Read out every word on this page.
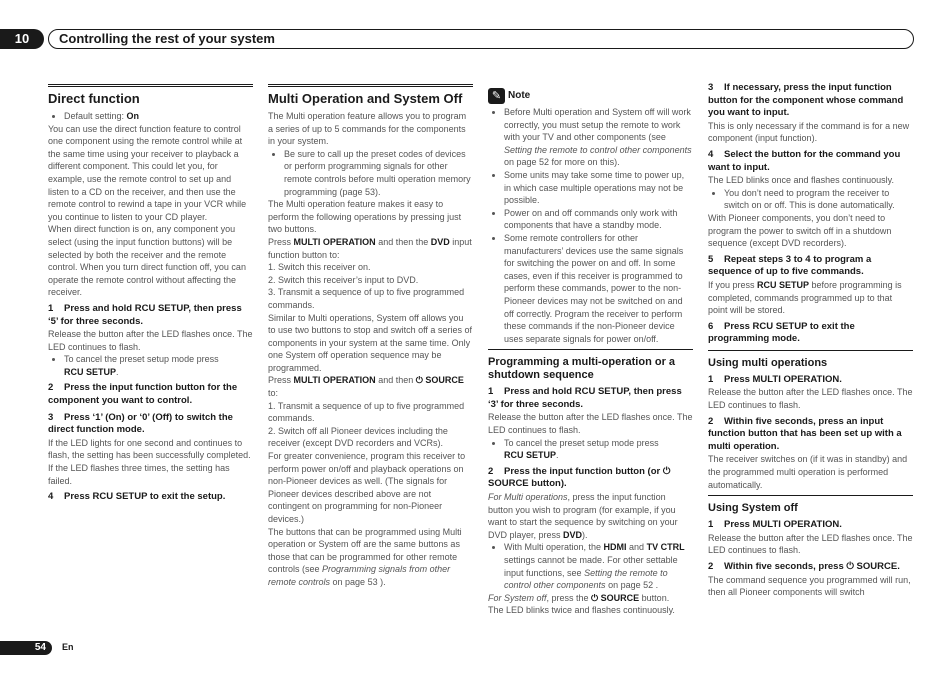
10	Controlling the rest of your system
Direct function
• Default setting: On

You can use the direct function feature to control one component using the remote control while at the same time using your receiver to playback a different component. This could let you, for example, use the remote control to set up and listen to a CD on the receiver, and then use the remote control to rewind a tape in your VCR while you continue to listen to your CD player.

When direct function is on, any component you select (using the input function buttons) will be selected by both the receiver and the remote control. When you turn direct function off, you can operate the remote control without affecting the receiver.

1 Press and hold RCU SETUP, then press ‘5’ for three seconds.

Release the button after the LED flashes once. The LED continues to flash.

• To cancel the preset setup mode press
RCU SETUP.
2 Press the input function button for the component you want to control.
3 Press ‘1’ (On) or ‘0’ (Off) to switch the direct function mode.

If the LED lights for one second and continues to flash, the setting has been successfully completed.

If the LED flashes three times, the setting has failed.

4 Press RCU SETUP to exit the setup.
Multi Operation and System Off

The Multi operation feature allows you to program a series of up to 5 commands for the components in your system.

• Be sure to call up the preset codes of devices or perform programming signals for other remote controls before multi operation memory programming (page 53).

The Multi operation feature makes it easy to perform the following operations by pressing just two buttons.

Press MULTI OPERATION and then the DVD input function button to:

1. Switch this receiver on.

2. Switch this receiver’s input to DVD.

3. Transmit a sequence of up to five programmed commands.

Similar to Multi operations, System off allows you to use two buttons to stop and switch off a series of components in your system at the same time. Only one System off operation sequence may be programmed.

Press MULTI OPERATION and then ⏻ SOURCE to:

1. Transmit a sequence of up to five programmed commands.

2. Switch off all Pioneer devices including the receiver (except DVD recorders and VCRs).

For greater convenience, program this receiver to perform power on/off and playback operations on non-Pioneer devices as well. (The signals for Pioneer devices described above are not contingent on programming for non-Pioneer devices.)

The buttons that can be programmed using Multi operation or System off are the same buttons as those that can be programmed for other remote controls (see Programming signals from other remote controls on page 53 ).

✎ Note
• Before Multi operation and System off will work correctly, you must setup the remote to work with your TV and other components (see Setting the remote to control other components on page 52 for more on this).
• Some units may take some time to power up, in which case multiple operations may not be possible.
• Power on and off commands only work with components that have a standby mode.
• Some remote controllers for other manufacturers’ devices use the same signals for switching the power on and off. In some cases, even if this receiver is programmed to perform these commands, power to the non-Pioneer devices may not be switched on and off correctly. Program the receiver to perform these commands if the non-Pioneer device uses separate signals for power on/off.
Programming a multi-operation or a shutdown sequence
1 Press and hold RCU SETUP, then press ‘3’ for three seconds.

Release the button after the LED flashes once. The LED continues to flash.

• To cancel the preset setup mode press
RCU SETUP.
2 Press the input function button (or ⏻ SOURCE button).

For Multi operations, press the input function button you wish to program (for example, if you want to start the sequence by switching on your DVD player, press DVD).

• With Multi operation, the HDMI and TV CTRL settings cannot be made. For other settable input functions, see Setting the remote to control other components on page 52 .

For System off, press the ⏻ SOURCE button.

The LED blinks twice and flashes continuously.

3 If necessary, press the input function button for the component whose command you want to input.

This is only necessary if the command is for a new component (input function).

4 Select the button for the command you want to input.

The LED blinks once and flashes continuously.

• You don’t need to program the receiver to switch on or off. This is done automatically.

With Pioneer components, you don’t need to program the power to switch off in a shutdown sequence (except DVD recorders).

5 Repeat steps 3 to 4 to program a sequence of up to five commands.

If you press RCU SETUP before programming is completed, commands programmed up to that point will be stored.

6 Press RCU SETUP to exit the programming mode.
Using multi operations
1 Press MULTI OPERATION.

Release the button after the LED flashes once. The LED continues to flash.

2 Within five seconds, press an input function button that has been set up with a multi operation.

The receiver switches on (if it was in standby) and the programmed multi operation is performed automatically.

Using System off
1 Press MULTI OPERATION.

Release the button after the LED flashes once. The LED continues to flash.

2 Within five seconds, press ⏻ SOURCE.

The command sequence you programmed will run, then all Pioneer components will switch

54	En
